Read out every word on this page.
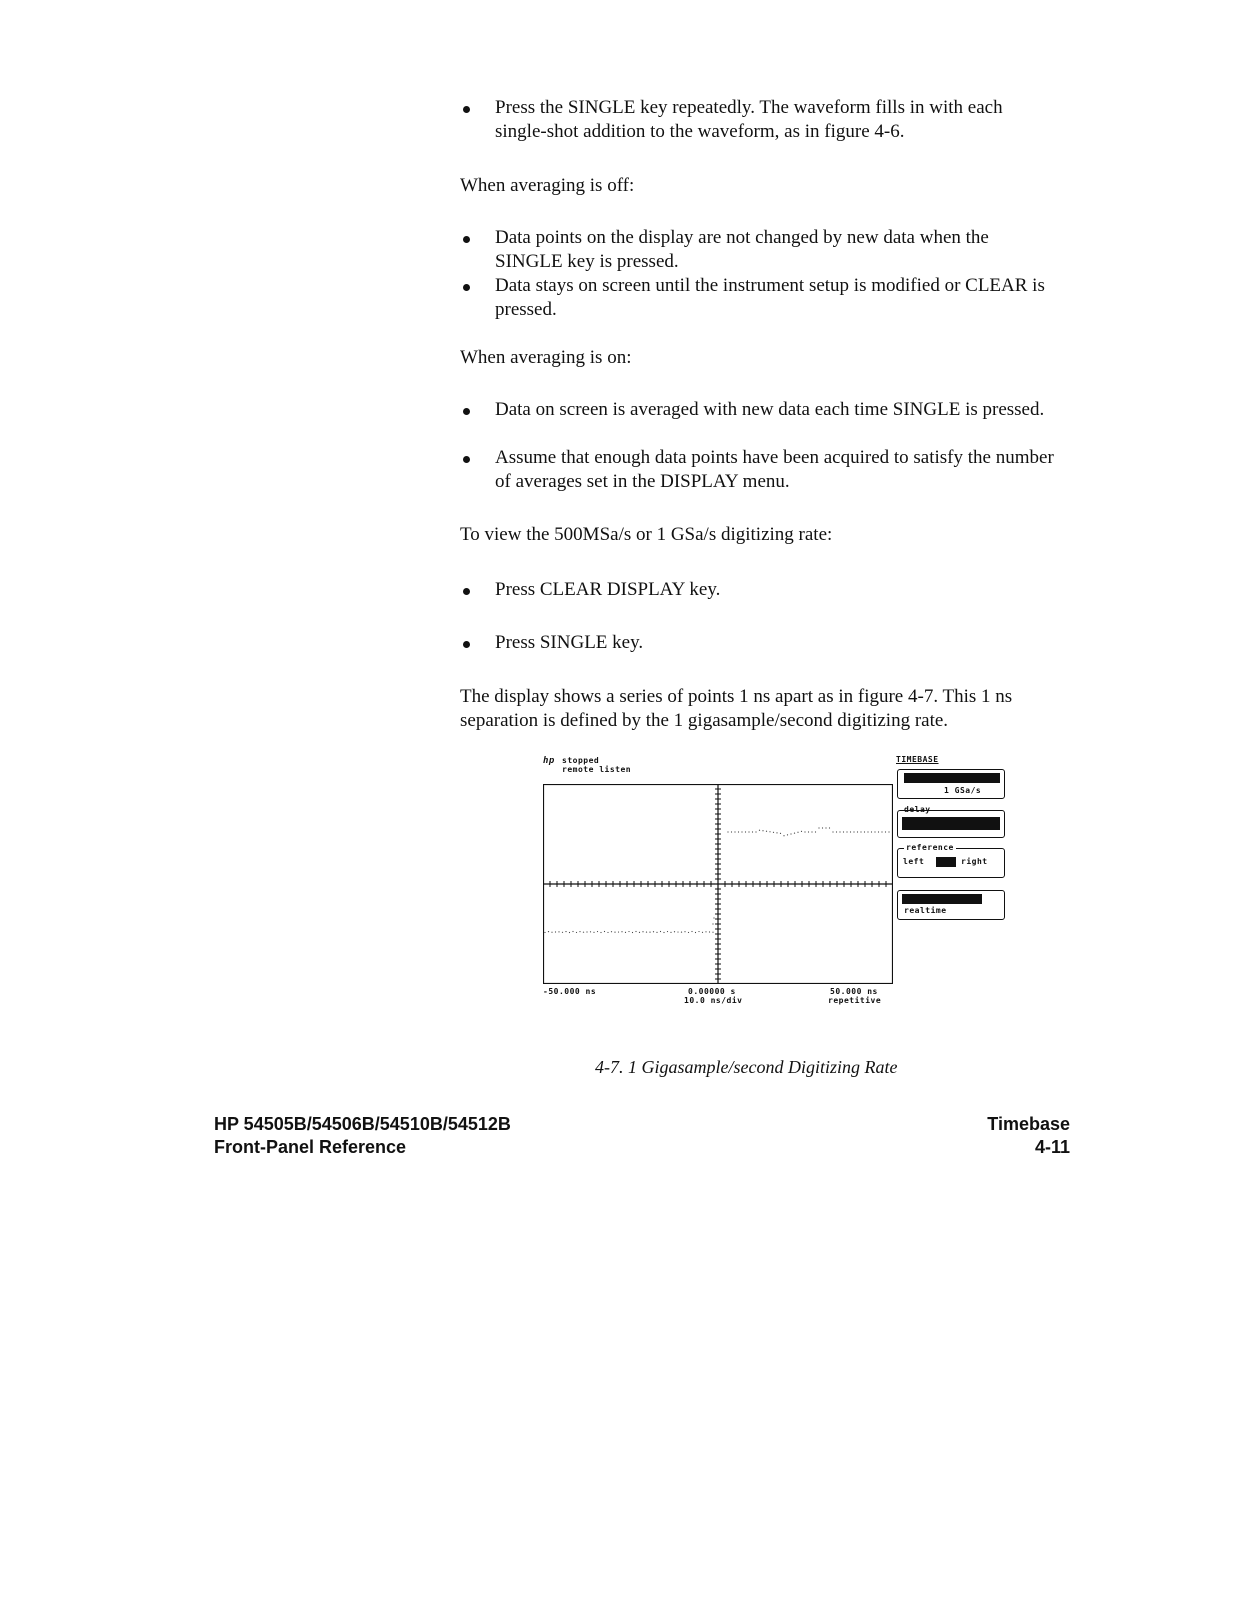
Press the SINGLE key repeatedly. The waveform fills in with each single-shot addition to the waveform, as in figure 4-6.
When averaging is off:
Data points on the display are not changed by new data when the SINGLE key is pressed.
Data stays on screen until the instrument setup is modified or CLEAR is pressed.
When averaging is on:
Data on screen is averaged with new data each time SINGLE is pressed.
Assume that enough data points have been acquired to satisfy the number of averages set in the DISPLAY menu.
To view the 500MSa/s or 1 GSa/s digitizing rate:
Press CLEAR DISPLAY key.
Press SINGLE key.
The display shows a series of points 1 ns apart as in figure 4-7. This 1 ns separation is defined by the 1 gigasample/second digitizing rate.
hp stopped
remote listen
TIMEBASE
1 GSa/s
delay
reference
left	right
realtime
-50.000 ns	0.00000 s
10.0 ns/div
50.000 ns
repetitive
4-7. 1 Gigasample/second Digitizing Rate
HP 54505B/54506B/54510B/54512B
Front-Panel Reference
Timebase
4-11
